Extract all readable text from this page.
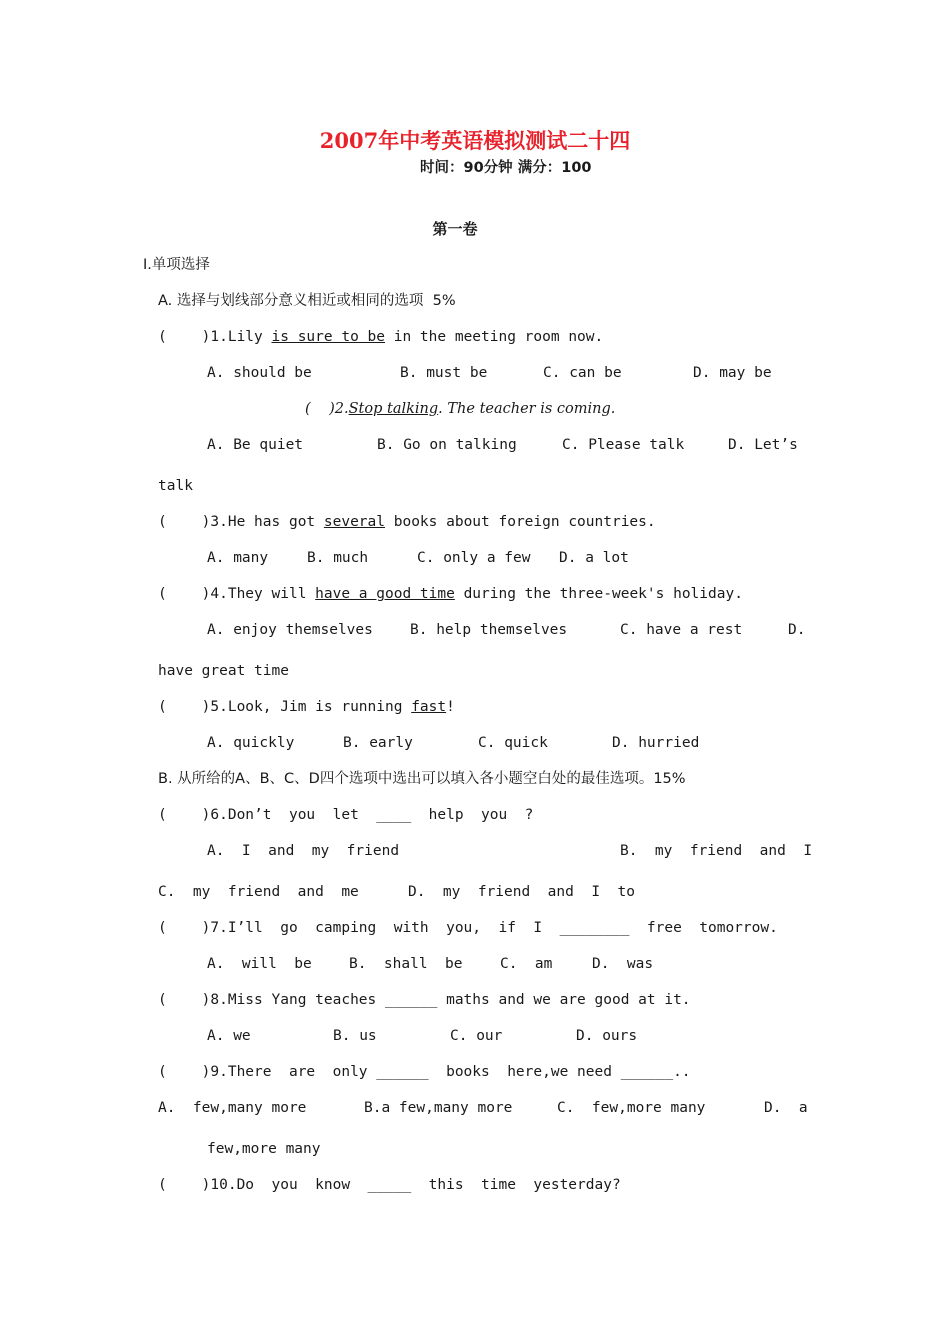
2007年中考英语模拟测试二十四
时间：90分钟 满分：100
第一卷
I.单项选择
A. 选择与划线部分意义相近或相同的选项  5%
(    )1.Lily is sure to be in the meeting room now.
A. should be	B. must be	C. can be	D. may be
(    )2.Stop talking. The teacher is coming.
A. Be quiet	B. Go on talking	C. Please talk	D. Let’s
talk
(    )3.He has got several books about foreign countries.
A. many	B. much	C. only a few D. a lot
(    )4.They will have a good time during the three-week's holiday.
A. enjoy themselves	B. help themselves	C. have a rest	D.
have great time
(    )5.Look, Jim is running fast!
A. quickly	B. early	C. quick	D. hurried
B. 从所给的A、B、C、D四个选项中选出可以填入各小题空白处的最佳选项。15%
(    )6.Don’t  you  let  ____  help  you  ?
A.  I  and  my  friend	B.  my  friend  and  I
C.  my  friend  and  me	D.  my  friend  and  I  to
(    )7.I’ll  go  camping  with  you,  if  I  ________  free  tomorrow.
A.  will  be	B.  shall  be	C.  am	D.  was
(    )8.Miss Yang teaches ______ maths and we are good at it.
A. we	B. us	C. our	D. ours
(    )9.There  are  only ______  books  here,we need ______..
A.  few,many more	B.a few,many more	C.  few,more many	D.  a
few,more many
(    )10.Do  you  know  _____  this  time  yesterday?
